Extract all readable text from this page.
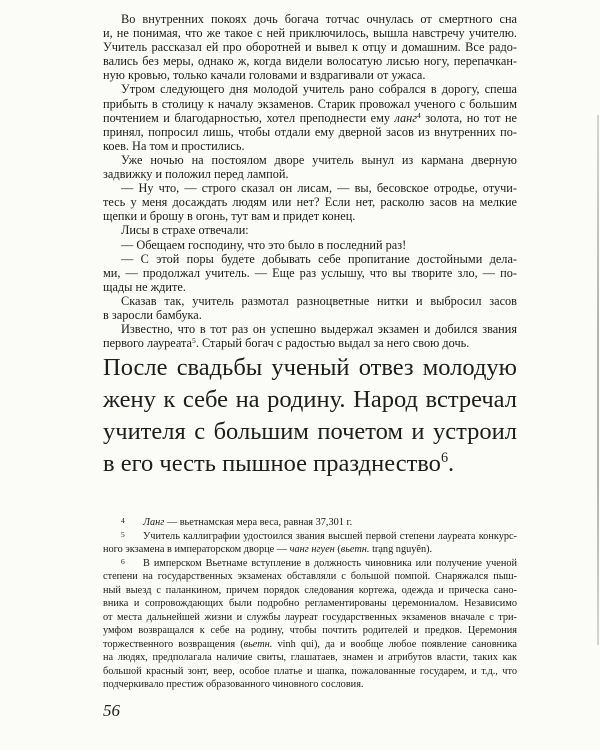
Во внутренних покоях дочь богача тотчас очнулась от смертного сна
и, не понимая, что же такое с ней приключилось, вышла навстречу учителю.
Учитель рассказал ей про оборотней и вывел к отцу и домашним. Все радо-
вались без меры, однако ж, когда видели волосатую лисью ногу, перепачкан-
ную кровью, только качали головами и вздрагивали от ужаса.
Утром следующего дня молодой учитель рано собрался в дорогу, спеша
прибыть в столицу к началу экзаменов. Старик провожал ученого с большим
почтением и благодарностью, хотел преподнести ему ланг$^4$ золота, но тот не
принял, попросил лишь, чтобы отдали ему дверной засов из внутренних по-
коев. На том и простились.
Уже ночью на постоялом дворе учитель вынул из кармана дверную
задвижку и положил перед лампой.
— Ну что, — строго сказал он лисам, — вы, бесовское отродье, отучи-
тесь у меня досаждать людям или нет? Если нет, расколю засов на мелкие
щепки и брошу в огонь, тут вам и придет конец.
Лисы в страхе отвечали:
— Обещаем господину, что это было в последний раз!
— С этой поры будете добывать себе пропитание достойными дела-
ми, — продолжал учитель. — Еще раз услышу, что вы творите зло, — по-
щады не ждите.
Сказав так, учитель размотал разноцветные нитки и выбросил засов
в заросли бамбука.
Известно, что в тот раз он успешно выдержал экзамен и добился звания
первого лауреата$^5$. Старый богач с радостью выдал за него свою дочь.
После свадьбы ученый отвез молодую
жену к себе на родину. Народ встречал
учителя с большим почетом и устроил
в его честь пышное празднество$^6$.
4 Ланг — вьетнамская мера веса, равная 37,301 г.
5 Учитель каллиграфии удостоился звания высшей первой степени лауреата конкурс-
ного экзамена в императорском дворце — чанг нгуен (вьетн. trạng nguyên).
6 В имперском Вьетнаме вступление в должность чиновника или получение ученой
степени на государственных экзаменах обставляли с большой помпой. Снаряжался пыш-
ный выезд с паланкином, причем порядок следования кортежа, одежда и прическа сано-
вника и сопровождающих были подробно регламентированы церемониалом. Независимо
от места дальнейшей жизни и службы лауреат государственных экзаменов вначале с три-
умфом возвращался к себе на родину, чтобы почтить родителей и предков. Церемония
торжественного возвращения (вьетн. vinh qui), да и вообще любое появление сановника
на людях, предполагала наличие свиты, глашатаев, знамен и атрибутов власти, таких как
большой красный зонт, веер, особое платье и шапка, пожалованные государем, и т.д., что
подчеркивало престиж образованного чиновного сословия.
56
